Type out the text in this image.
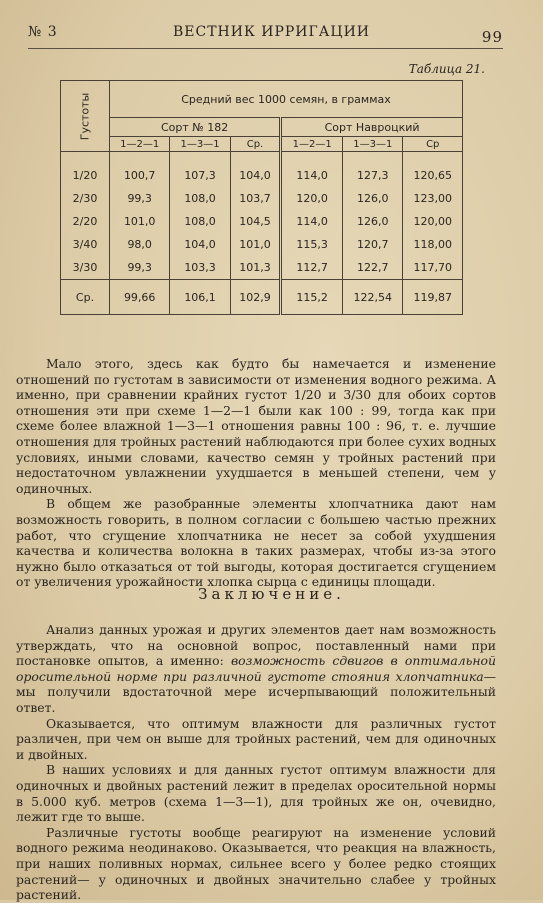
№ 3	ВЕСТНИК ИРРИГАЦИИ	99
Таблица 21.
Густоты	Средний вес 1000 семян, в граммах					
	Сорт № 182			Сорт Навроцкий		
	1—2—1	1—3—1	Ср.	1—2—1	1—3—1	Ср

1/20	100,7	107,3	104,0	114,0	127,3	120,65
2/30	99,3	108,0	103,7	120,0	126,0	123,00
2/20	101,0	108,0	104,5	114,0	126,0	120,00
3/40	98,0	104,0	101,0	115,3	120,7	118,00
3/30	99,3	103,3	101,3	112,7	122,7	117,70
Ср.	99,66	106,1	102,9	115,2	122,54	119,87

Мало этого, здесь как будто бы намечается и изменение отношений по густотам в зависимости от изменения водного режима. А именно, при сравнении крайних густот 1/20 и 3/30 для обоих сортов отношения эти при схеме 1—2—1 были как 100 : 99, тогда как при схеме более влажной 1—3—1 отношения равны 100 : 96, т. е. лучшие отношения для тройных растений наблюдаются при более сухих водных условиях, иными словами, качество семян у тройных растений при недостаточном увлажнении ухудшается в меньшей степени, чем у одиночных.

В общем же разобранные элементы хлопчатника дают нам возможность говорить, в полном согласии с большею частью прежних работ, что сгущение хлопчатника не несет за собой ухудшения качества и количества волокна в таких размерах, чтобы из-за этого нужно было отказаться от той выгоды, которая достигается сгущением от увеличения урожайности хлопка сырца с единицы площади.

Заключение.

Анализ данных урожая и других элементов дает нам возможность утверждать, что на основной вопрос, поставленный нами при постановке опытов, а именно: возможность сдвигов в оптимальной оросительной норме при различной густоте стояния хлопчатника—мы получили вдостаточной мере исчерпывающий положительный ответ.

Оказывается, что оптимум влажности для различных густот различен, при чем он выше для тройных растений, чем для одиночных и двойных.

В наших условиях и для данных густот оптимум влажности для одиночных и двойных растений лежит в пределах оросительной нормы в 5.000 куб. метров (схема 1—3—1), для тройных же он, очевидно, лежит где то выше.

Различные густоты вообще реагируют на изменение условий водного режима неодинаково. Оказывается, что реакция на влажность, при наших поливных нормах, сильнее всего у более редко стоящих растений— у одиночных и двойных значительно слабее у тройных растений.
